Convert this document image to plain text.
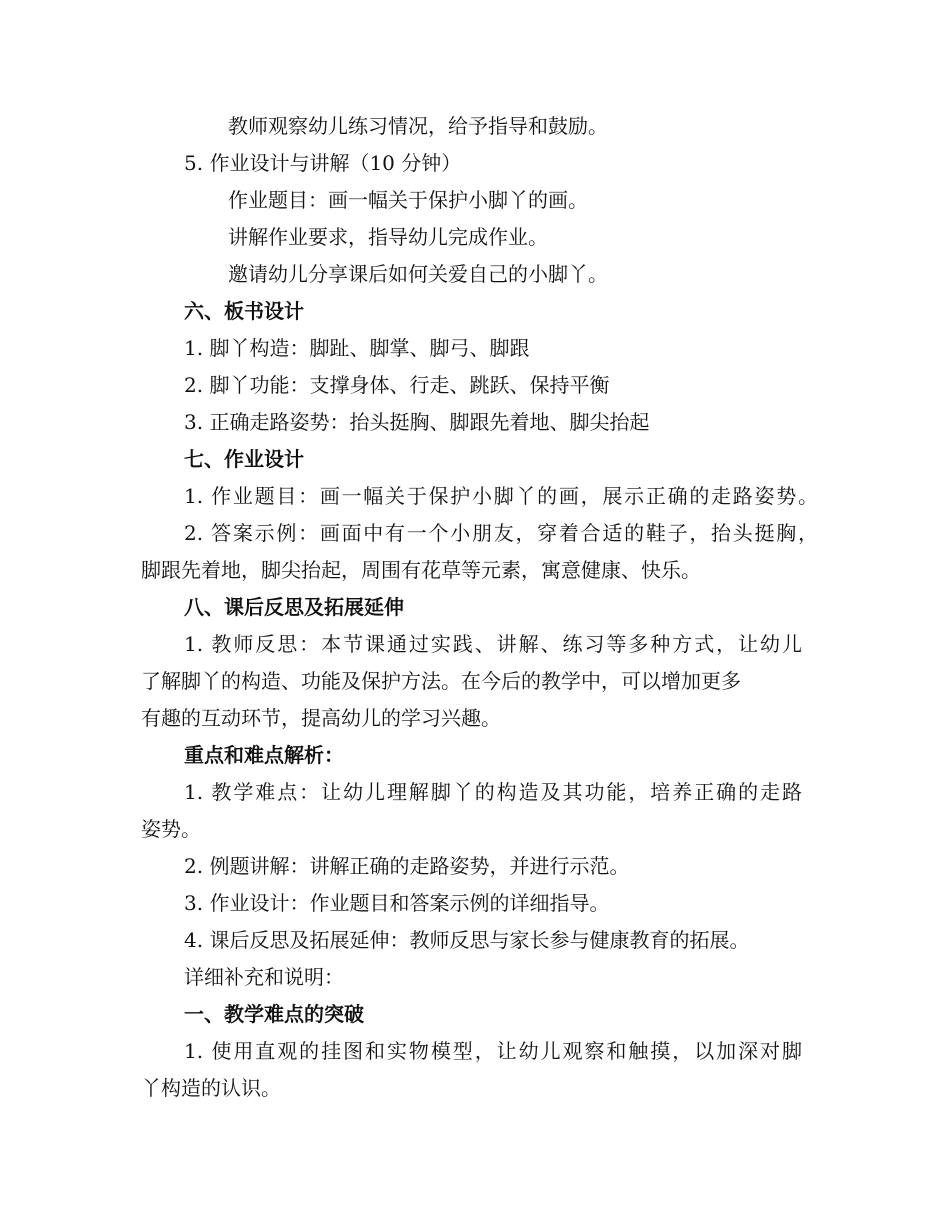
教师观察幼儿练习情况，给予指导和鼓励。
5. 作业设计与讲解（10 分钟）
作业题目：画一幅关于保护小脚丫的画。
讲解作业要求，指导幼儿完成作业。
邀请幼儿分享课后如何关爱自己的小脚丫。
六、板书设计
1. 脚丫构造：脚趾、脚掌、脚弓、脚跟
2. 脚丫功能：支撑身体、行走、跳跃、保持平衡
3. 正确走路姿势：抬头挺胸、脚跟先着地、脚尖抬起
七、作业设计
1. 作业题目：画一幅关于保护小脚丫的画，展示正确的走路姿势。
2. 答案示例：画面中有一个小朋友，穿着合适的鞋子，抬头挺胸，
脚跟先着地，脚尖抬起，周围有花草等元素，寓意健康、快乐。
八、课后反思及拓展延伸
1. 教师反思：本节课通过实践、讲解、练习等多种方式，让幼儿
了解脚丫的构造、功能及保护方法。在今后的教学中，可以增加更多
有趣的互动环节，提高幼儿的学习兴趣。
重点和难点解析：
1. 教学难点：让幼儿理解脚丫的构造及其功能，培养正确的走路
姿势。
2. 例题讲解：讲解正确的走路姿势，并进行示范。
3. 作业设计：作业题目和答案示例的详细指导。
4. 课后反思及拓展延伸：教师反思与家长参与健康教育的拓展。
详细补充和说明：
一、教学难点的突破
1. 使用直观的挂图和实物模型，让幼儿观察和触摸，以加深对脚
丫构造的认识。
